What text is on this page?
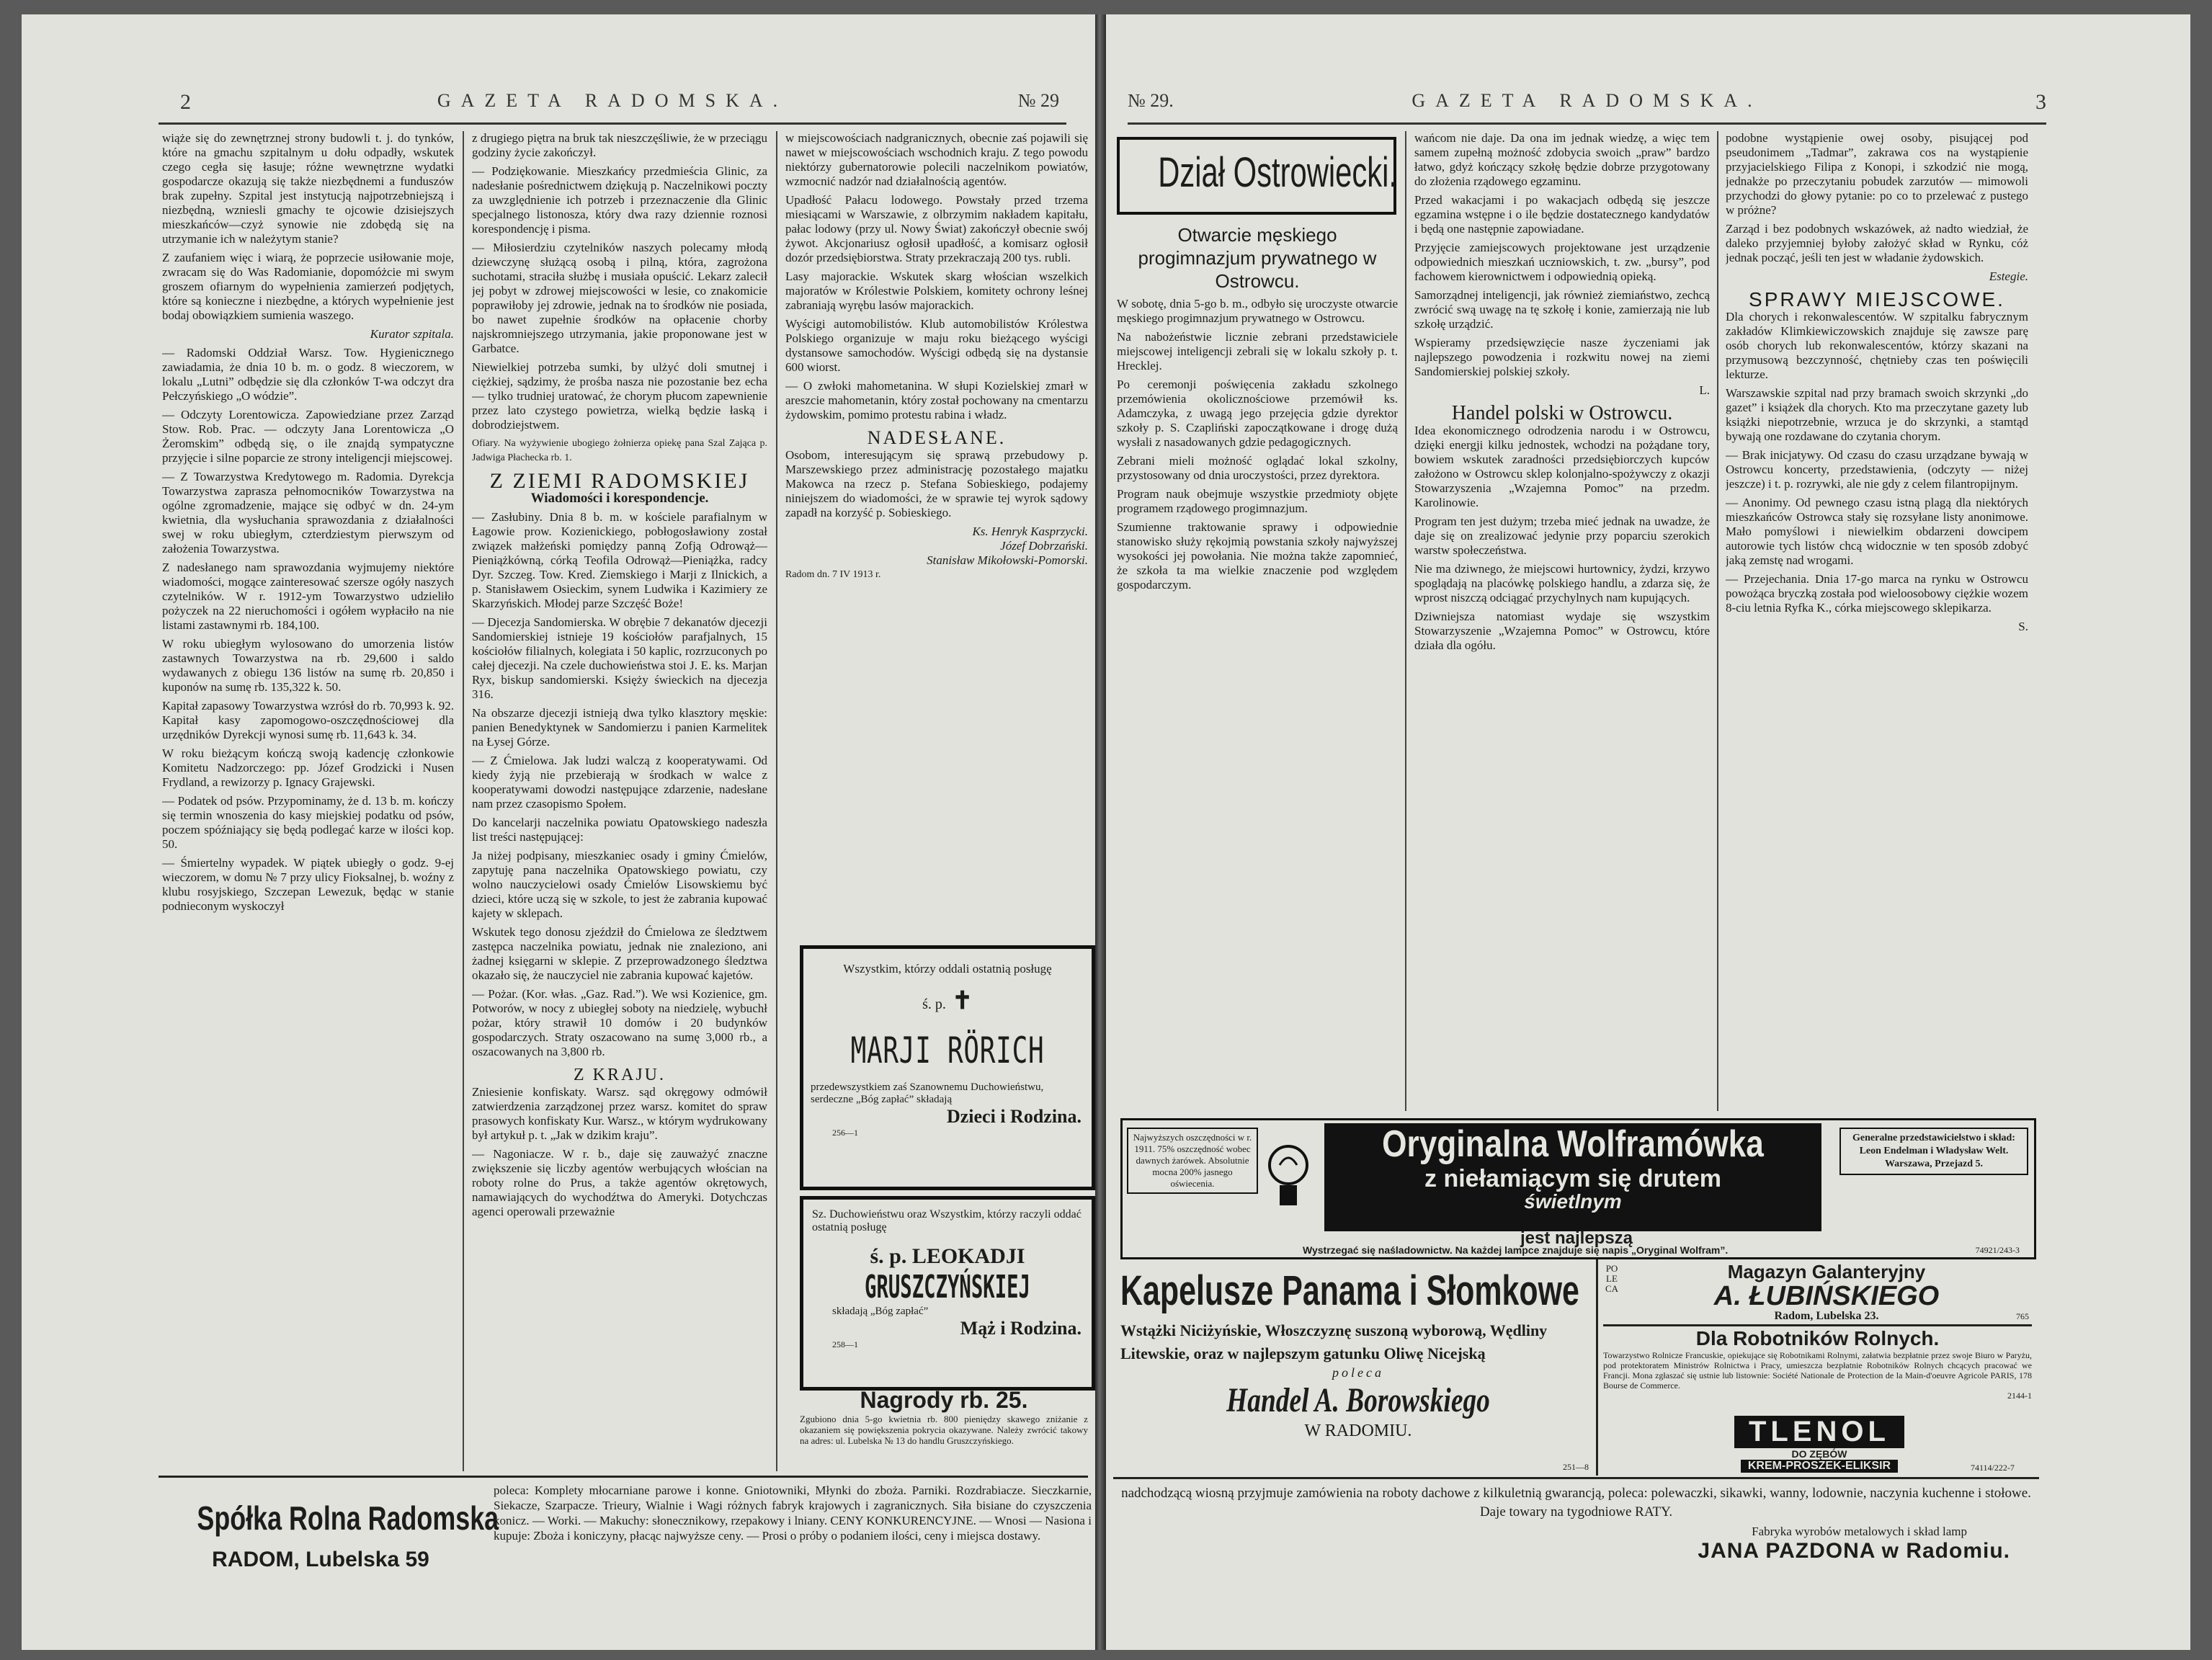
2	GAZETA RADOMSKA.	№ 29

wiąże się do zewnętrznej strony budowli t. j. do tynków, które na gmachu szpitalnym u dołu odpadły, wskutek czego cegła się łasuje; różne wewnętrzne wydatki gospodarcze okazują się także niezbędnemi a funduszów brak zupełny. Szpital jest instytucją najpotrzebniejszą i niezbędną, wzniesli gmachy te ojcowie dzisiejszych mieszkańców—czyż synowie nie zdobędą się na utrzymanie ich w należytym stanie?

Z zaufaniem więc i wiarą, że poprzecie usiłowanie moje, zwracam się do Was Radomianie, dopomóżcie mi swym groszem ofiarnym do wypełnienia zamierzeń podjętych, które są konieczne i niezbędne, a których wypełnienie jest bodaj obowiązkiem sumienia waszego.

Kurator szpitala.

— Radomski Oddział Warsz. Tow. Hygienicznego zawiadamia, że dnia 10 b. m. o godz. 8 wieczorem, w lokalu „Lutni” odbędzie się dla członków T-wa odczyt dra Pełczyńskiego „O wódzie”.

— Odczyty Lorentowicza. Zapowiedziane przez Zarząd Stow. Rob. Prac. — odczyty Jana Lorentowicza „O Żeromskim” odbędą się, o ile znajdą sympatyczne przyjęcie i silne poparcie ze strony inteligencji miejscowej.

— Z Towarzystwa Kredytowego m. Radomia. Dyrekcja Towarzystwa zaprasza pełnomocników Towarzystwa na ogólne zgromadzenie, mające się odbyć w dn. 24-ym kwietnia, dla wysłuchania sprawozdania z działalności swej w roku ubiegłym, czterdziestym pierwszym od założenia Towarzystwa.

Z nadesłanego nam sprawozdania wyjmujemy niektóre wiadomości, mogące zainteresować szersze ogóły naszych czytelników. W r. 1912-ym Towarzystwo udzieliło pożyczek na 22 nieruchomości i ogółem wypłaciło na nie listami zastawnymi rb. 184,100.

W roku ubiegłym wylosowano do umorzenia listów zastawnych Towarzystwa na rb. 29,600 i saldo wydawanych z obiegu 136 listów na sumę rb. 20,850 i kuponów na sumę rb. 135,322 k. 50.

Kapitał zapasowy Towarzystwa wzrósł do rb. 70,993 k. 92. Kapitał kasy zapomogowo-oszczędnościowej dla urzędników Dyrekcji wynosi sumę rb. 11,643 k. 34.

W roku bieżącym kończą swoją kadencję członkowie Komitetu Nadzorczego: pp. Józef Grodzicki i Nusen Frydland, a rewizorzy p. Ignacy Grajewski.

— Podatek od psów. Przypominamy, że d. 13 b. m. kończy się termin wnoszenia do kasy miejskiej podatku od psów, poczem spóźniający się będą podlegać karze w ilości kop. 50.

— Śmiertelny wypadek. W piątek ubiegły o godz. 9-ej wieczorem, w domu № 7 przy ulicy Fioksalnej, b. woźny z klubu rosyjskiego, Szczepan Lewezuk, będąc w stanie podnieconym wyskoczył

z drugiego piętra na bruk tak nieszczęśliwie, że w przeciągu godziny życie zakończył.

— Podziękowanie. Mieszkańcy przedmieścia Glinic, za nadesłanie pośrednictwem dziękują p. Naczelnikowi poczty za uwzględnienie ich potrzeb i przeznaczenie dla Glinic specjalnego listonosza, który dwa razy dziennie roznosi korespondencję i pisma.

— Miłosierdziu czytelników naszych polecamy młodą dziewczynę służącą osobą i pilną, która, zagrożona suchotami, straciła służbę i musiała opuścić. Lekarz zalecił jej pobyt w zdrowej miejscowości w lesie, co znakomicie poprawiłoby jej zdrowie, jednak na to środków nie posiada, bo nawet zupełnie środków na opłacenie chorby najskromniejszego utrzymania, jakie proponowane jest w Garbatce.

Niewielkiej potrzeba sumki, by ulżyć doli smutnej i ciężkiej, sądzimy, że prośba nasza nie pozostanie bez echa — tylko trudniej uratować, że chorym płucom zapewnienie przez lato czystego powietrza, wielką będzie łaską i dobrodziejstwem.

Ofiary. Na wyżywienie ubogiego żołnierza opiekę pana Szal Zająca p. Jadwiga Płachecka rb. 1.

Z ZIEMI RADOMSKIEJ
Wiadomości i korespondencje.

— Zasłubiny. Dnia 8 b. m. w kościele parafialnym w Łagowie prow. Kozienickiego, pobłogosławiony został związek małżeński pomiędzy panną Zofją Odrowąż—Pieniążkówną, córką Teofila Odrowąż—Pieniążka, radcy Dyr. Szczeg. Tow. Kred. Ziemskiego i Marji z Ilnickich, a p. Stanisławem Osieckim, synem Ludwika i Kazimiery ze Skarzyńskich. Młodej parze Szczęść Boże!

— Djecezja Sandomierska. W obrębie 7 dekanatów djecezji Sandomierskiej istnieje 19 kościołów parafjalnych, 15 kościołów filialnych, kolegiata i 50 kaplic, rozrzuconych po całej djecezji. Na czele duchowieństwa stoi J. E. ks. Marjan Ryx, biskup sandomierski. Księży świeckich na djecezja 316.

Na obszarze djecezji istnieją dwa tylko klasztory męskie: panien Benedyktynek w Sandomierzu i panien Karmelitek na Łysej Górze.

— Z Ćmielowa. Jak ludzi walczą z kooperatywami. Od kiedy żyją nie przebierają w środkach w walce z kooperatywami dowodzi następujące zdarzenie, nadesłane nam przez czasopismo Społem.

Do kancelarji naczelnika powiatu Opatowskiego nadeszła list treści następującej:

Ja niżej podpisany, mieszkaniec osady i gminy Ćmielów, zapytuję pana naczelnika Opatowskiego powiatu, czy wolno nauczycielowi osady Ćmielów Lisowskiemu być dzieci, które uczą się w szkole, to jest że zabrania kupować kajety w sklepach.

Wskutek tego donosu zjeździł do Ćmielowa ze śledztwem zastępca naczelnika powiatu, jednak nie znaleziono, ani żadnej księgarni w sklepie. Z przeprowadzonego śledztwa okazało się, że nauczyciel nie zabrania kupować kajetów.

— Pożar. (Kor. włas. „Gaz. Rad.”). We wsi Kozienice, gm. Potworów, w nocy z ubiegłej soboty na niedzielę, wybuchł pożar, który strawił 10 domów i 20 budynków gospodarczych. Straty oszacowano na sumę 3,000 rb., a oszacowanych na 3,800 rb.

Z KRAJU.

Zniesienie konfiskaty. Warsz. sąd okręgowy odmówił zatwierdzenia zarządzonej przez warsz. komitet do spraw prasowych konfiskaty Kur. Warsz., w którym wydrukowany był artykuł p. t. „Jak w dzikim kraju”.

— Nagoniacze. W r. b., daje się zauważyć znaczne zwiększenie się liczby agentów werbujących włościan na roboty rolne do Prus, a także agentów okrętowych, namawiających do wychodźtwa do Ameryki. Dotychczas agenci operowali przeważnie

w miejscowościach nadgranicznych, obecnie zaś pojawili się nawet w miejscowościach wschodnich kraju. Z tego powodu niektórzy gubernatorowie polecili naczelnikom powiatów, wzmocnić nadzór nad działalnością agentów.

Upadłość Pałacu lodowego. Powstały przed trzema miesiącami w Warszawie, z olbrzymim nakładem kapitału, pałac lodowy (przy ul. Nowy Świat) zakończył obecnie swój żywot. Akcjonariusz ogłosił upadłość, a komisarz ogłosił dozór przedsiębiorstwa. Straty przekraczają 200 tys. rubli.

Lasy majorackie. Wskutek skarg włościan wszelkich majoratów w Królestwie Polskiem, komitety ochrony leśnej zabraniają wyrębu lasów majorackich.

Wyścigi automobilistów. Klub automobilistów Królestwa Polskiego organizuje w maju roku bieżącego wyścigi dystansowe samochodów. Wyścigi odbędą się na dystansie 600 wiorst.

— O zwłoki mahometanina. W słupi Kozielskiej zmarł w areszcie mahometanin, który został pochowany na cmentarzu żydowskim, pomimo protestu rabina i władz.

NADESŁANE.

Osobom, interesującym się sprawą przebudowy p. Marszewskiego przez administrację pozostałego majatku Makowca na rzecz p. Stefana Sobieskiego, podajemy niniejszem do wiadomości, że w sprawie tej wyrok sądowy zapadł na korzyść p. Sobieskiego.

Ks. Henryk Kasprzycki.

Józef Dobrzański.

Stanisław Mikołowski-Pomorski.

Radom dn. 7 IV 1913 r.

Wszystkim, którzy oddali ostatnią posługę
ś. p. ✝
MARJI RÖRICH
przedewszystkiem zaś Szanownemu Duchowieństwu, serdeczne „Bóg zapłać” składają
Dzieci i Rodzina.
256—1
Sz. Duchowieństwu oraz Wszystkim, którzy raczyli oddać ostatnią posługę
ś. p. LEOKADJI
GRUSZCZYŃSKIEJ
składają „Bóg zapłać”
Mąż i Rodzina.
258—1
Nagrody rb. 25.
Zgubiono dnia 5-go kwietnia rb. 800 pieniędzy skawego zniżanie z okazaniem się powiększenia pokrycia okazywane. Należy zwrócić takowy na adres: ul. Lubelska № 13 do handlu Gruszczyńskiego.
Spółka Rolna Radomska
RADOM, Lubelska 59
poleca: Komplety młocarniane parowe i konne. Gniotowniki, Młynki do zboża. Parniki. Rozdrabiacze. Sieczkarnie, Siekacze, Szarpacze. Trieury, Wialnie i Wagi różnych fabryk krajowych i zagranicznych. Siła bisiane do czyszczenia konicz. — Worki. — Makuchy: słonecznikowy, rzepakowy i lniany. CENY KONKURENCYJNE. — Wnosi — Nasiona i kupuje: Zboża i koniczyny, płacąc najwyższe ceny. — Prosi o próby o podaniem ilości, ceny i miejsca dostawy.
№ 29.	GAZETA RADOMSKA.	3
Dział Ostrowiecki.
Otwarcie męskiego progimnazjum prywatnego w Ostrowcu.

W sobotę, dnia 5-go b. m., odbyło się uroczyste otwarcie męskiego progimnazjum prywatnego w Ostrowcu.

Na nabożeństwie licznie zebrani przedstawiciele miejscowej inteligencji zebrali się w lokalu szkoły p. t. Hrecklej.

Po ceremonji poświęcenia zakładu szkolnego przemówienia okolicznościowe przemówił ks. Adamczyka, z uwagą jego przejęcia gdzie dyrektor szkoły p. S. Czapliński zapoczątkowane i drogę dużą wysłali z nasadowanych gdzie pedagogicznych.

Zebrani mieli możność oglądać lokal szkolny, przystosowany od dnia uroczystości, przez dyrektora.

Program nauk obejmuje wszystkie przedmioty objęte programem rządowego progimnazjum.

Szumienne traktowanie sprawy i odpowiednie stanowisko służy rękojmią powstania szkoły najwyższej wysokości jej powołania. Nie można także zapomnieć, że szkoła ta ma wielkie znaczenie pod względem gospodarczym.

wańcom nie daje. Da ona im jednak wiedzę, a więc tem samem zupełną możność zdobycia swoich „praw” bardzo łatwo, gdyż kończący szkołę będzie dobrze przygotowany do złożenia rządowego egzaminu.

Przed wakacjami i po wakacjach odbędą się jeszcze egzamina wstępne i o ile będzie dostatecznego kandydatów i będą one następnie zapowiadane.

Przyjęcie zamiejscowych projektowane jest urządzenie odpowiednich mieszkań uczniowskich, t. zw. „bursy”, pod fachowem kierownictwem i odpowiednią opieką.

Samorządnej inteligencji, jak również ziemiaństwo, zechcą zwrócić swą uwagę na tę szkołę i konie, zamierzają nie lub szkołę urządzić.

Wspieramy przedsięwzięcie nasze życzeniami jak najlepszego powodzenia i rozkwitu nowej na ziemi Sandomierskiej polskiej szkoły.

L.

Handel polski w Ostrowcu.

Idea ekonomicznego odrodzenia narodu i w Ostrowcu, dzięki energji kilku jednostek, wchodzi na pożądane tory, bowiem wskutek zaradności przedsiębiorczych kupców założono w Ostrowcu sklep kolonjalno-spożywczy z okazji Stowarzyszenia „Wzajemna Pomoc” na przedm. Karolinowie.

Program ten jest dużym; trzeba mieć jednak na uwadze, że daje się on zrealizować jedynie przy poparciu szerokich warstw społeczeństwa.

Nie ma dziwnego, że miejscowi hurtownicy, żydzi, krzywo spoglądają na placówkę polskiego handlu, a zdarza się, że wprost niszczą odciągać przychylnych nam kupujących.

Dziwniejsza natomiast wydaje się wszystkim Stowarzyszenie „Wzajemna Pomoc” w Ostrowcu, które działa dla ogółu.

podobne wystąpienie owej osoby, pisującej pod pseudonimem „Tadmar”, zakrawa cos na wystąpienie przyjacielskiego Filipa z Konopi, i szkodzić nie mogą, jednakże po przeczytaniu pobudek zarzutów — mimowoli przychodzi do głowy pytanie: po co to przelewać z pustego w próżne?

Zarząd i bez podobnych wskazówek, aż nadto wiedział, że daleko przyjemniej byłoby założyć skład w Rynku, cóż jednak począć, jeśli ten jest w władanie żydowskich.

Estegie.

SPRAWY MIEJSCOWE.

Dla chorych i rekonwalescentów. W szpitalku fabrycznym zakładów Klimkiewiczowskich znajduje się zawsze parę osób chorych lub rekonwalescentów, którzy skazani na przymusową bezczynność, chętnieby czas ten poświęcili lekturze.

Warszawskie szpital nad przy bramach swoich skrzynki „do gazet” i książek dla chorych. Kto ma przeczytane gazety lub książki niepotrzebnie, wrzuca je do skrzynki, a stamtąd bywają one rozdawane do czytania chorym.

— Brak inicjatywy. Od czasu do czasu urządzane bywają w Ostrowcu koncerty, przedstawienia, (odczyty — niżej jeszcze) i t. p. rozrywki, ale nie gdy z celem filantropijnym.

— Anonimy. Od pewnego czasu istną plagą dla niektórych mieszkańców Ostrowca stały się rozsyłane listy anonimowe. Mało pomyślowi i niewielkim obdarzeni dowcipem autorowie tych listów chcą widocznie w ten sposób zdobyć jaką zemstę nad wrogami.

— Przejechania. Dnia 17-go marca na rynku w Ostrowcu powożąca bryczką została pod wieloosobowy ciężkie wozem 8-ciu letnia Ryfka K., córka miejscowego sklepikarza.

S.

Najwyższych oszczędności w r. 1911. 75% oszczędność wobec dawnych żarówek. Absolutnie mocna 200% jasnego oświecenia.
Oryginalna Wolframówka
z niełamiącym się drutem
świetlnym
jest najlepszą
Generalne przedstawicielstwo i skład: Leon Endelman i Władysław Welt. Warszawa, Przejazd 5.
Wystrzegać się naśladownictw. Na każdej lampce znajduje się napis „Oryginal Wolfram”.	74921/243-3
Kapelusze Panama i Słomkowe
Wstążki Niciżyńskie, Włoszczyznę suszoną wyborową, Wędliny Litewskie, oraz w najlepszym gatunku Oliwę Nicejską
poleca
Handel A. Borowskiego
W RADOMIU.
251—8
POLECA
Magazyn Galanteryjny
A. ŁUBIŃSKIEGO
Radom, Lubelska 23.	765
Dla Robotników Rolnych.
Towarzystwo Rolnicze Francuskie, opiekujące się Robotnikami Rolnymi, załatwia bezpłatnie przez swoje Biuro w Paryżu, pod protektoratem Ministrów Rolnictwa i Pracy, umieszcza bezpłatnie Robotników Rolnych chcących pracować we Francji. Mona zgłaszać się ustnie lub listownie: Société Nationale de Protection de la Main-d'oeuvre Agricole PARIS, 178 Bourse de Commerce.
2144-1
TLENOL
DO ZĘBÓW
KREM-PROSZEK-ELIKSIR	74114/222-7
nadchodzącą wiosną przyjmuje zamówienia na roboty dachowe z kilkuletnią gwarancją, poleca: polewaczki, sikawki, wanny, lodownie, naczynia kuchenne i stołowe. Daje towary na tygodniowe RATY.
Fabryka wyrobów metalowych i skład lamp
JANA PAZDONA w Radomiu.
